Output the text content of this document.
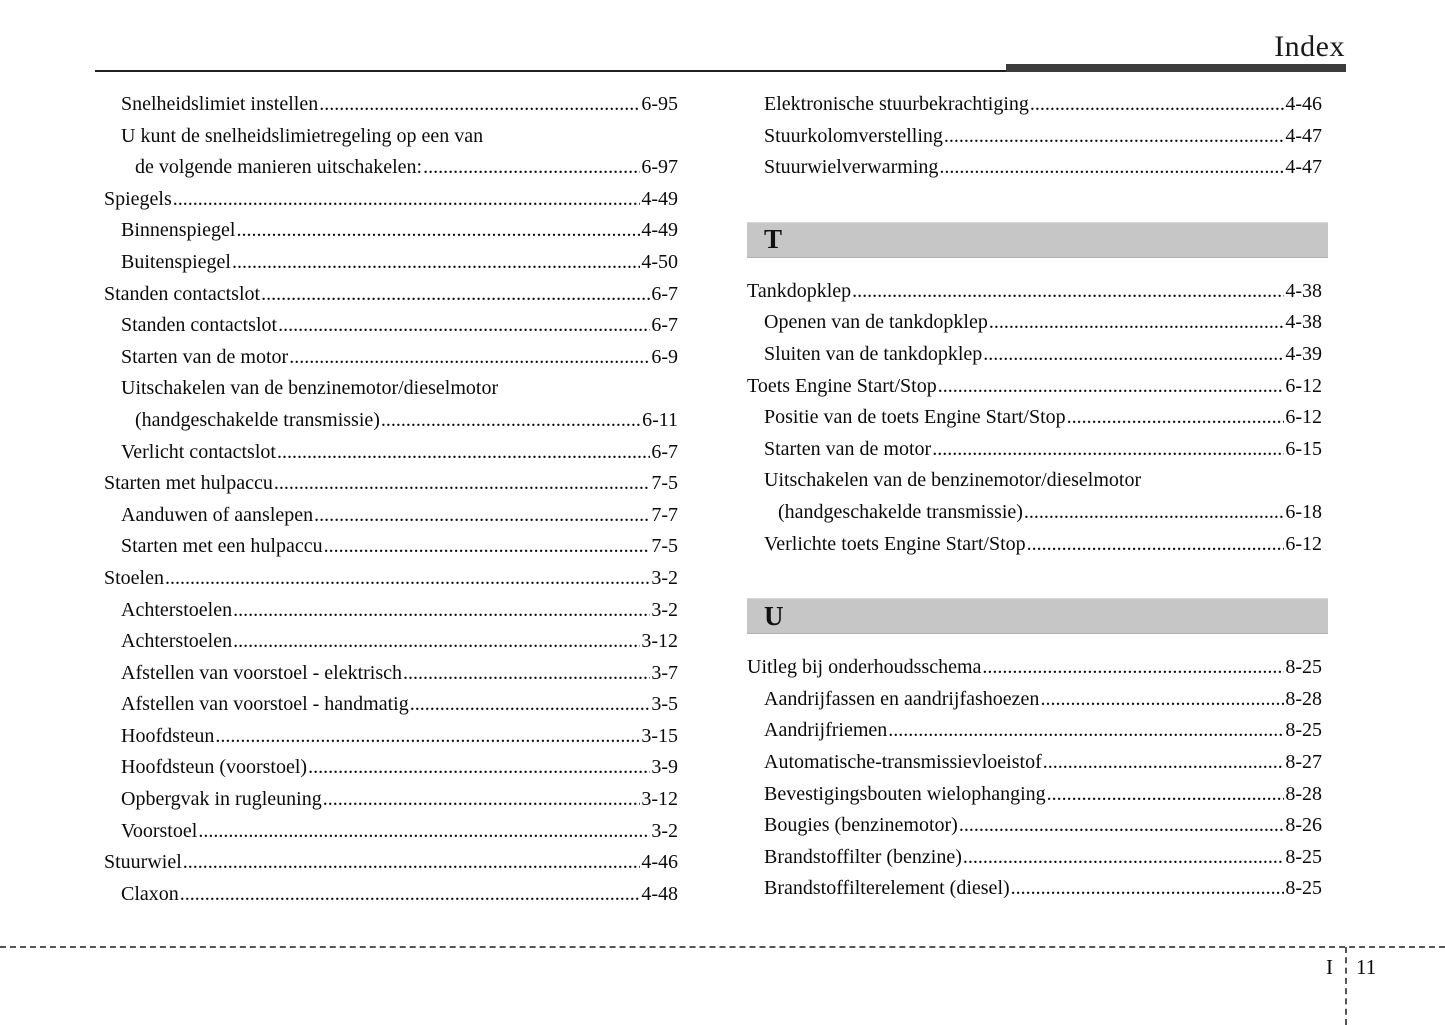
Index
Snelheidslimiet instellen .....	6-95
U kunt de snelheidslimietregeling op een van
de volgende manieren uitschakelen: .....	6-97
Spiegels .....	4-49
Binnenspiegel .....	4-49
Buitenspiegel .....	4-50
Standen contactslot .....	6-7
Standen contactslot .....	6-7
Starten van de motor .....	6-9
Uitschakelen van de benzinemotor/dieselmotor
(handgeschakelde transmissie) .....	6-11
Verlicht contactslot .....	6-7
Starten met hulpaccu .....	7-5
Aanduwen of aanslepen .....	7-7
Starten met een hulpaccu .....	7-5
Stoelen .....	3-2
Achterstoelen .....	3-2
Achterstoelen .....	3-12
Afstellen van voorstoel - elektrisch .....	3-7
Afstellen van voorstoel - handmatig .....	3-5
Hoofdsteun .....	3-15
Hoofdsteun (voorstoel) .....	3-9
Opbergvak in rugleuning .....	3-12
Voorstoel .....	3-2
Stuurwiel .....	4-46
Claxon .....	4-48
Elektronische stuurbekrachtiging .....	4-46
Stuurkolomverstelling .....	4-47
Stuurwielverwarming .....	4-47
T
Tankdopklep .....	4-38
Openen van de tankdopklep .....	4-38
Sluiten van de tankdopklep .....	4-39
Toets Engine Start/Stop .....	6-12
Positie van de toets Engine Start/Stop .....	6-12
Starten van de motor .....	6-15
Uitschakelen van de benzinemotor/dieselmotor
(handgeschakelde transmissie) .....	6-18
Verlichte toets Engine Start/Stop .....	6-12
U
Uitleg bij onderhoudsschema .....	8-25
Aandrijfassen en aandrijfashoezen .....	8-28
Aandrijfriemen .....	8-25
Automatische-transmissievloeistof .....	8-27
Bevestigingsbouten wielophanging .....	8-28
Bougies (benzinemotor) .....	8-26
Brandstoffilter (benzine) .....	8-25
Brandstoffilterelement (diesel) .....	8-25
I 11
